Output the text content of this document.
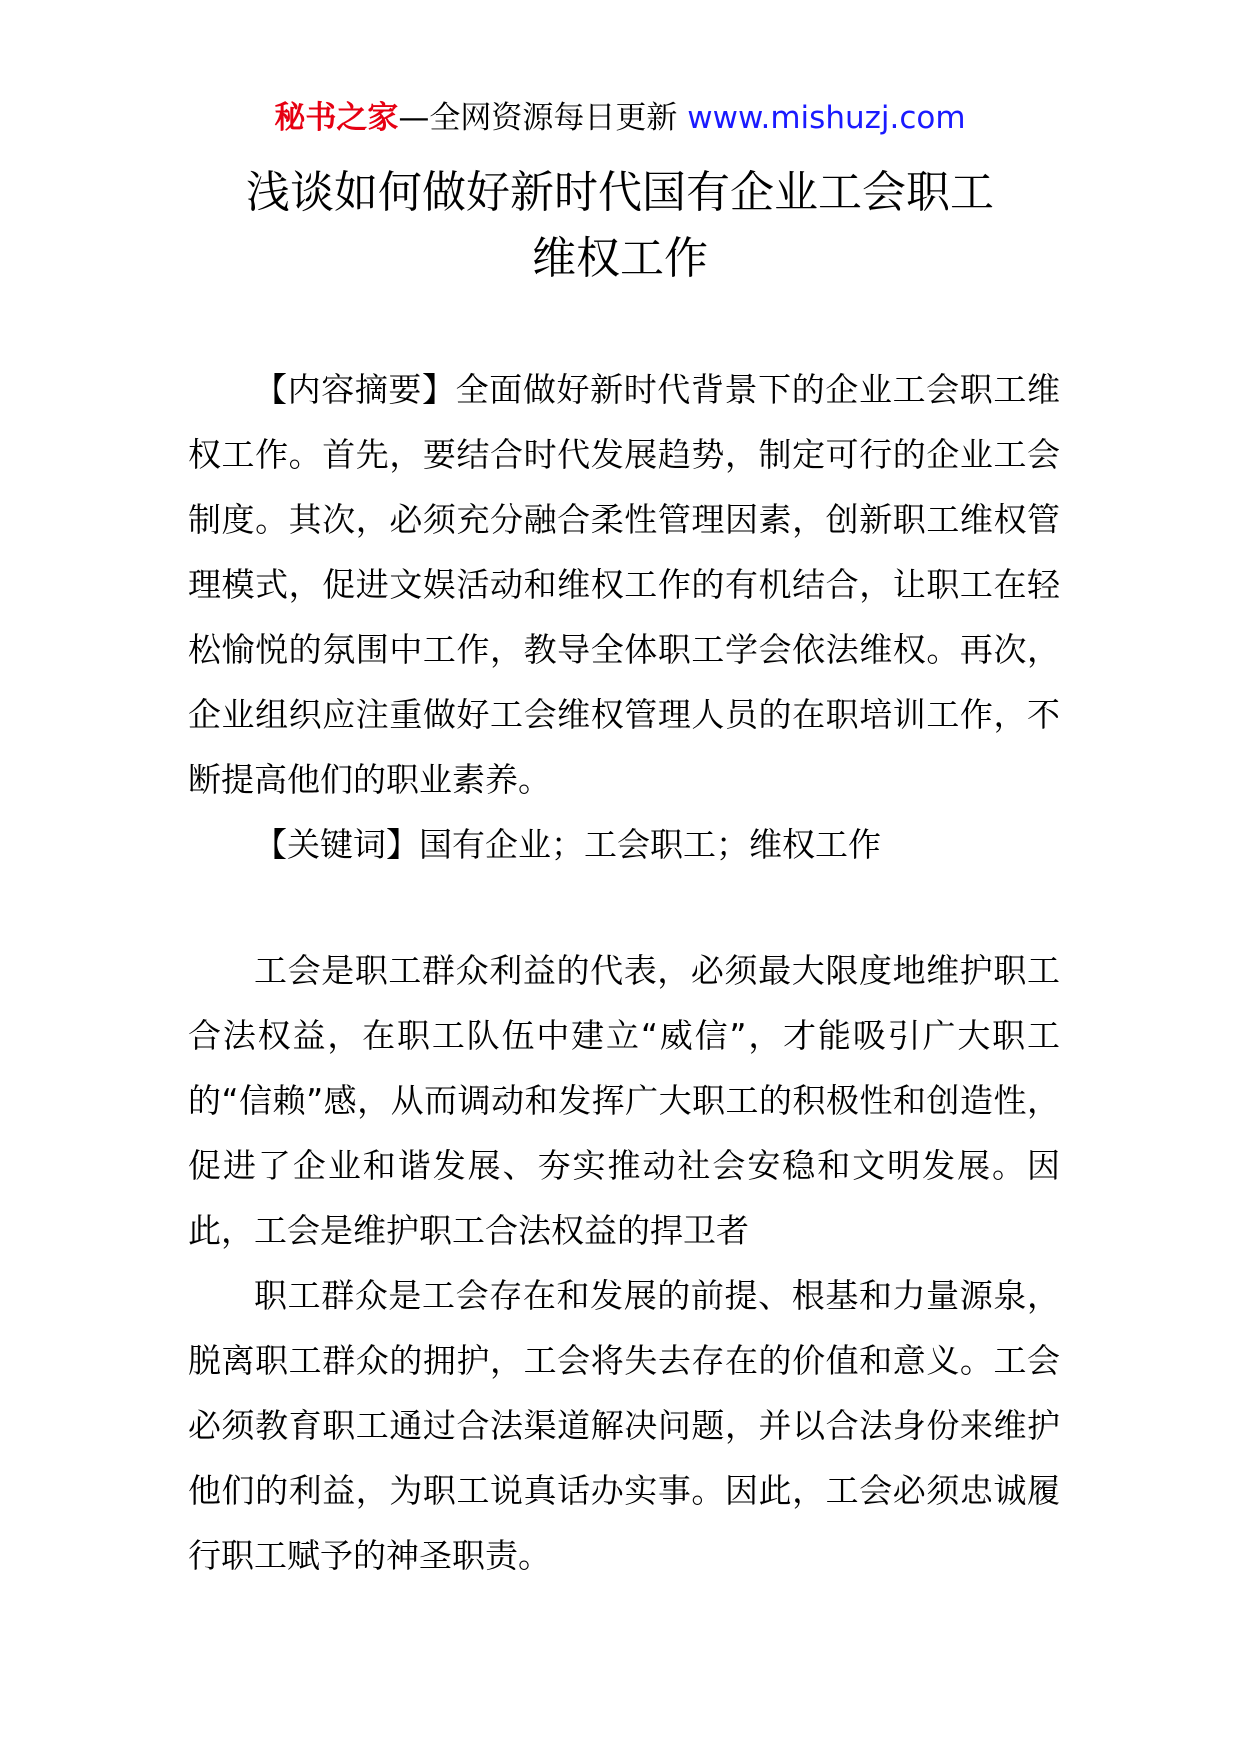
秘书之家—全网资源每日更新 www.mishuzj.com
浅谈如何做好新时代国有企业工会职工
维权工作

【内容摘要】全面做好新时代背景下的企业工会职工维权工作。首先，要结合时代发展趋势，制定可行的企业工会制度。其次，必须充分融合柔性管理因素，创新职工维权管理模式，促进文娱活动和维权工作的有机结合，让职工在轻松愉悦的氛围中工作，教导全体职工学会依法维权。再次，企业组织应注重做好工会维权管理人员的在职培训工作，不断提高他们的职业素养。

【关键词】国有企业；工会职工；维权工作

工会是职工群众利益的代表，必须最大限度地维护职工合法权益，在职工队伍中建立“威信”，才能吸引广大职工的“信赖”感，从而调动和发挥广大职工的积极性和创造性，促进了企业和谐发展、夯实推动社会安稳和文明发展。因此，工会是维护职工合法权益的捍卫者

职工群众是工会存在和发展的前提、根基和力量源泉，脱离职工群众的拥护，工会将失去存在的价值和意义。工会必须教育职工通过合法渠道解决问题，并以合法身份来维护他们的利益，为职工说真话办实事。因此，工会必须忠诚履行职工赋予的神圣职责。
